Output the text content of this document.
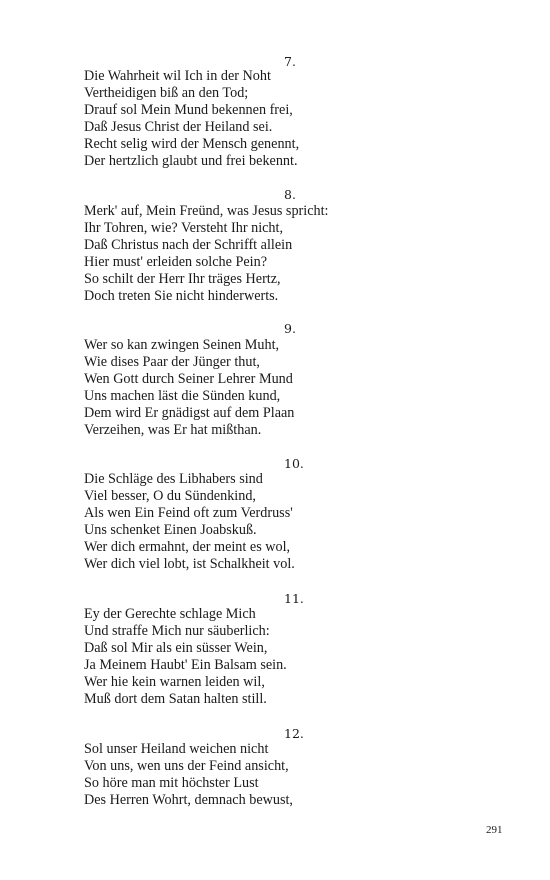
7.
Die Wahrheit wil Ich in der Noht
Vertheidigen biß an den Tod;
Drauf sol Mein Mund bekennen frei,
Daß Jesus Christ der Heiland sei.
Recht selig wird der Mensch genennt,
Der hertzlich glaubt und frei bekennt.
8.
Merk' auf, Mein Freünd, was Jesus spricht:
Ihr Tohren, wie? Versteht Ihr nicht,
Daß Christus nach der Schrifft allein
Hier must' erleiden solche Pein?
So schilt der Herr Ihr träges Hertz,
Doch treten Sie nicht hinderwerts.
9.
Wer so kan zwingen Seinen Muht,
Wie dises Paar der Jünger thut,
Wen Gott durch Seiner Lehrer Mund
Uns machen läst die Sünden kund,
Dem wird Er gnädigst auf dem Plaan
Verzeihen, was Er hat mißthan.
10.
Die Schläge des Libhabers sind
Viel besser, O du Sündenkind,
Als wen Ein Feind oft zum Verdruss'
Uns schenket Einen Joabskuß.
Wer dich ermahnt, der meint es wol,
Wer dich viel lobt, ist Schalkheit vol.
11.
Ey der Gerechte schlage Mich
Und straffe Mich nur säuberlich:
Daß sol Mir als ein süsser Wein,
Ja Meinem Haubt' Ein Balsam sein.
Wer hie kein warnen leiden wil,
Muß dort dem Satan halten still.
12.
Sol unser Heiland weichen nicht
Von uns, wen uns der Feind ansicht,
So höre man mit höchster Lust
Des Herren Wohrt, demnach bewust,
291
